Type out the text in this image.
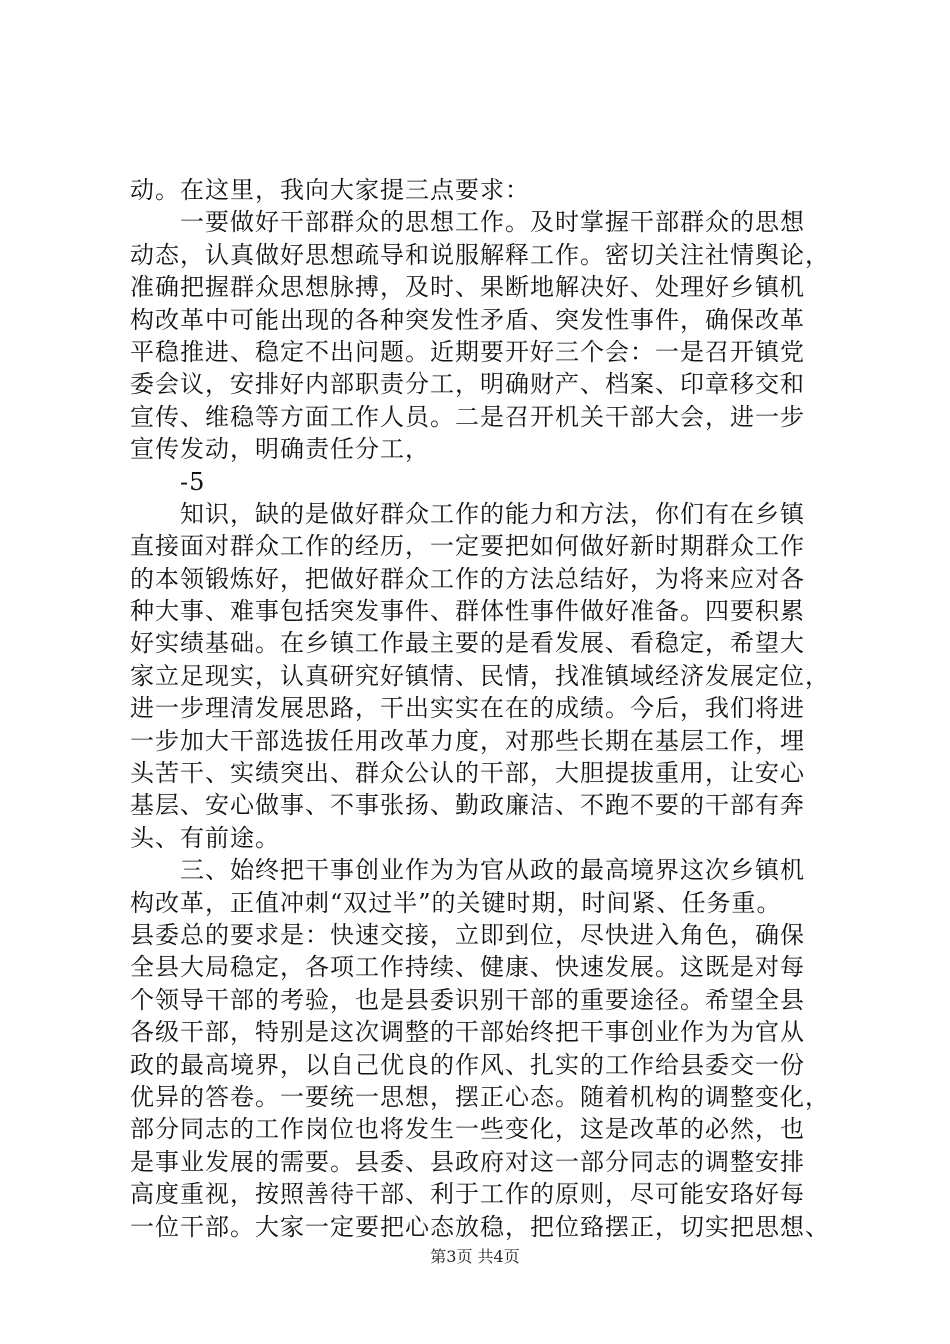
动。在这里，我向大家提三点要求：
　　一要做好干部群众的思想工作。及时掌握干部群众的思想
动态，认真做好思想疏导和说服解释工作。密切关注社情舆论，
准确把握群众思想脉搏，及时、果断地解决好、处理好乡镇机
构改革中可能出现的各种突发性矛盾、突发性事件，确保改革
平稳推进、稳定不出问题。近期要开好三个会：一是召开镇党
委会议，安排好内部职责分工，明确财产、档案、印章移交和
宣传、维稳等方面工作人员。二是召开机关干部大会，进一步
宣传发动，明确责任分工，
　　-5
　　知识，缺的是做好群众工作的能力和方法，你们有在乡镇
直接面对群众工作的经历，一定要把如何做好新时期群众工作
的本领锻炼好，把做好群众工作的方法总结好，为将来应对各
种大事、难事包括突发事件、群体性事件做好准备。四要积累
好实绩基础。在乡镇工作最主要的是看发展、看稳定，希望大
家立足现实，认真研究好镇情、民情，找准镇域经济发展定位，
进一步理清发展思路，干出实实在在的成绩。今后，我们将进
一步加大干部选拔任用改革力度，对那些长期在基层工作，埋
头苦干、实绩突出、群众公认的干部，大胆提拔重用，让安心
基层、安心做事、不事张扬、勤政廉洁、不跑不要的干部有奔
头、有前途。
　　三、始终把干事创业作为为官从政的最高境界这次乡镇机
构改革，正值冲刺“双过半”的关键时期，时间紧、任务重。
县委总的要求是：快速交接，立即到位，尽快进入角色，确保
全县大局稳定，各项工作持续、健康、快速发展。这既是对每
个领导干部的考验，也是县委识别干部的重要途径。希望全县
各级干部，特别是这次调整的干部始终把干事创业作为为官从
政的最高境界，以自己优良的作风、扎实的工作给县委交一份
优异的答卷。一要统一思想，摆正心态。随着机构的调整变化，
部分同志的工作岗位也将发生一些变化，这是改革的必然，也
是事业发展的需要。县委、县政府对这一部分同志的调整安排
高度重视，按照善待干部、利于工作的原则，尽可能安珞好每
一位干部。大家一定要把心态放稳，把位臵摆正，切实把思想、
第3页 共4页
